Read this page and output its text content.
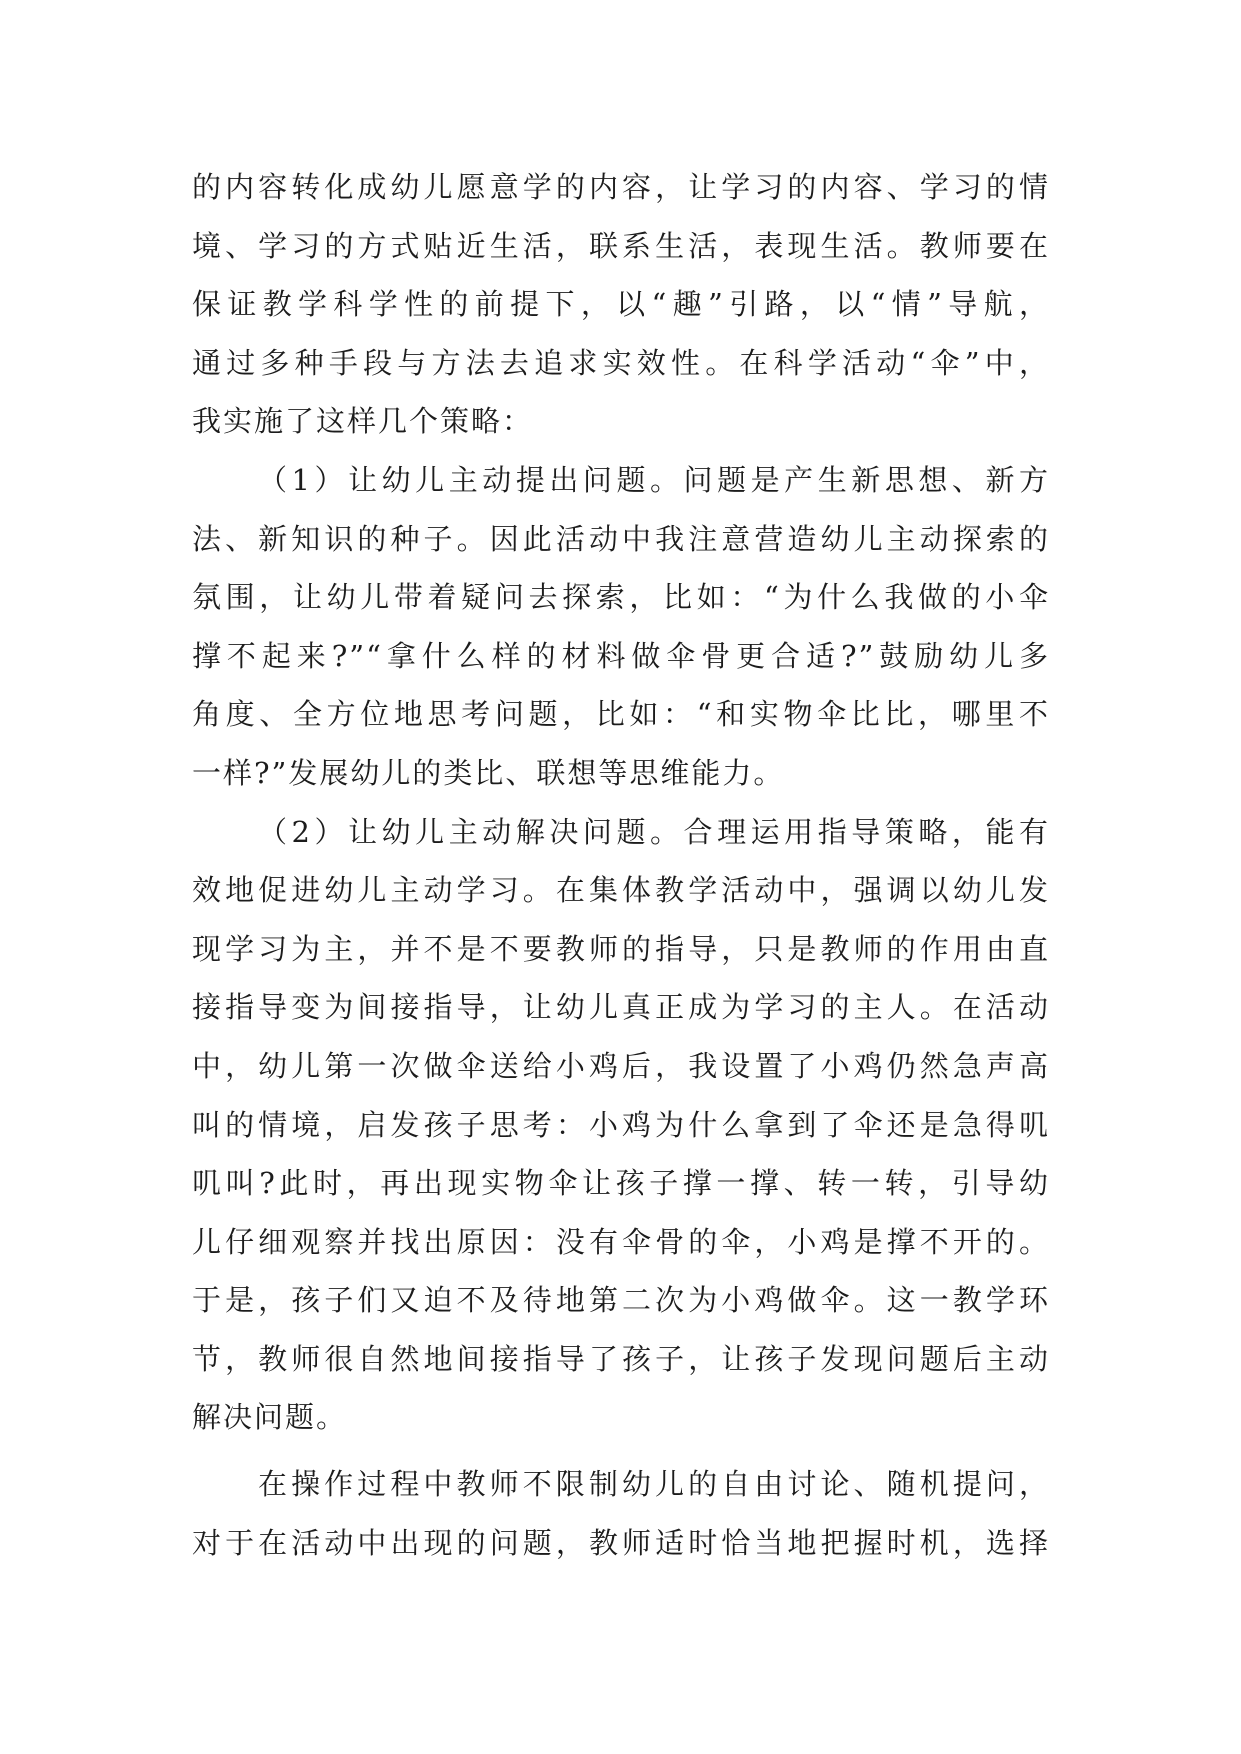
的内容转化成幼儿愿意学的内容，让学习的内容、学习的情
境、学习的方式贴近生活，联系生活，表现生活。教师要在
保证教学科学性的前提下，以“趣”引路，以“情”导航，
通过多种手段与方法去追求实效性。在科学活动“伞”中，
我实施了这样几个策略：
（1）让幼儿主动提出问题。问题是产生新思想、新方
法、新知识的种子。因此活动中我注意营造幼儿主动探索的
氛围，让幼儿带着疑问去探索，比如：“为什么我做的小伞
撑不起来?”“拿什么样的材料做伞骨更合适?”鼓励幼儿多
角度、全方位地思考问题，比如：“和实物伞比比，哪里不
一样?”发展幼儿的类比、联想等思维能力。
（2）让幼儿主动解决问题。合理运用指导策略，能有
效地促进幼儿主动学习。在集体教学活动中，强调以幼儿发
现学习为主，并不是不要教师的指导，只是教师的作用由直
接指导变为间接指导，让幼儿真正成为学习的主人。在活动
中，幼儿第一次做伞送给小鸡后，我设置了小鸡仍然急声高
叫的情境，启发孩子思考：小鸡为什么拿到了伞还是急得叽
叽叫?此时，再出现实物伞让孩子撑一撑、转一转，引导幼
儿仔细观察并找出原因：没有伞骨的伞，小鸡是撑不开的。
于是，孩子们又迫不及待地第二次为小鸡做伞。这一教学环
节，教师很自然地间接指导了孩子，让孩子发现问题后主动
解决问题。
在操作过程中教师不限制幼儿的自由讨论、随机提问，
对于在活动中出现的问题，教师适时恰当地把握时机，选择
